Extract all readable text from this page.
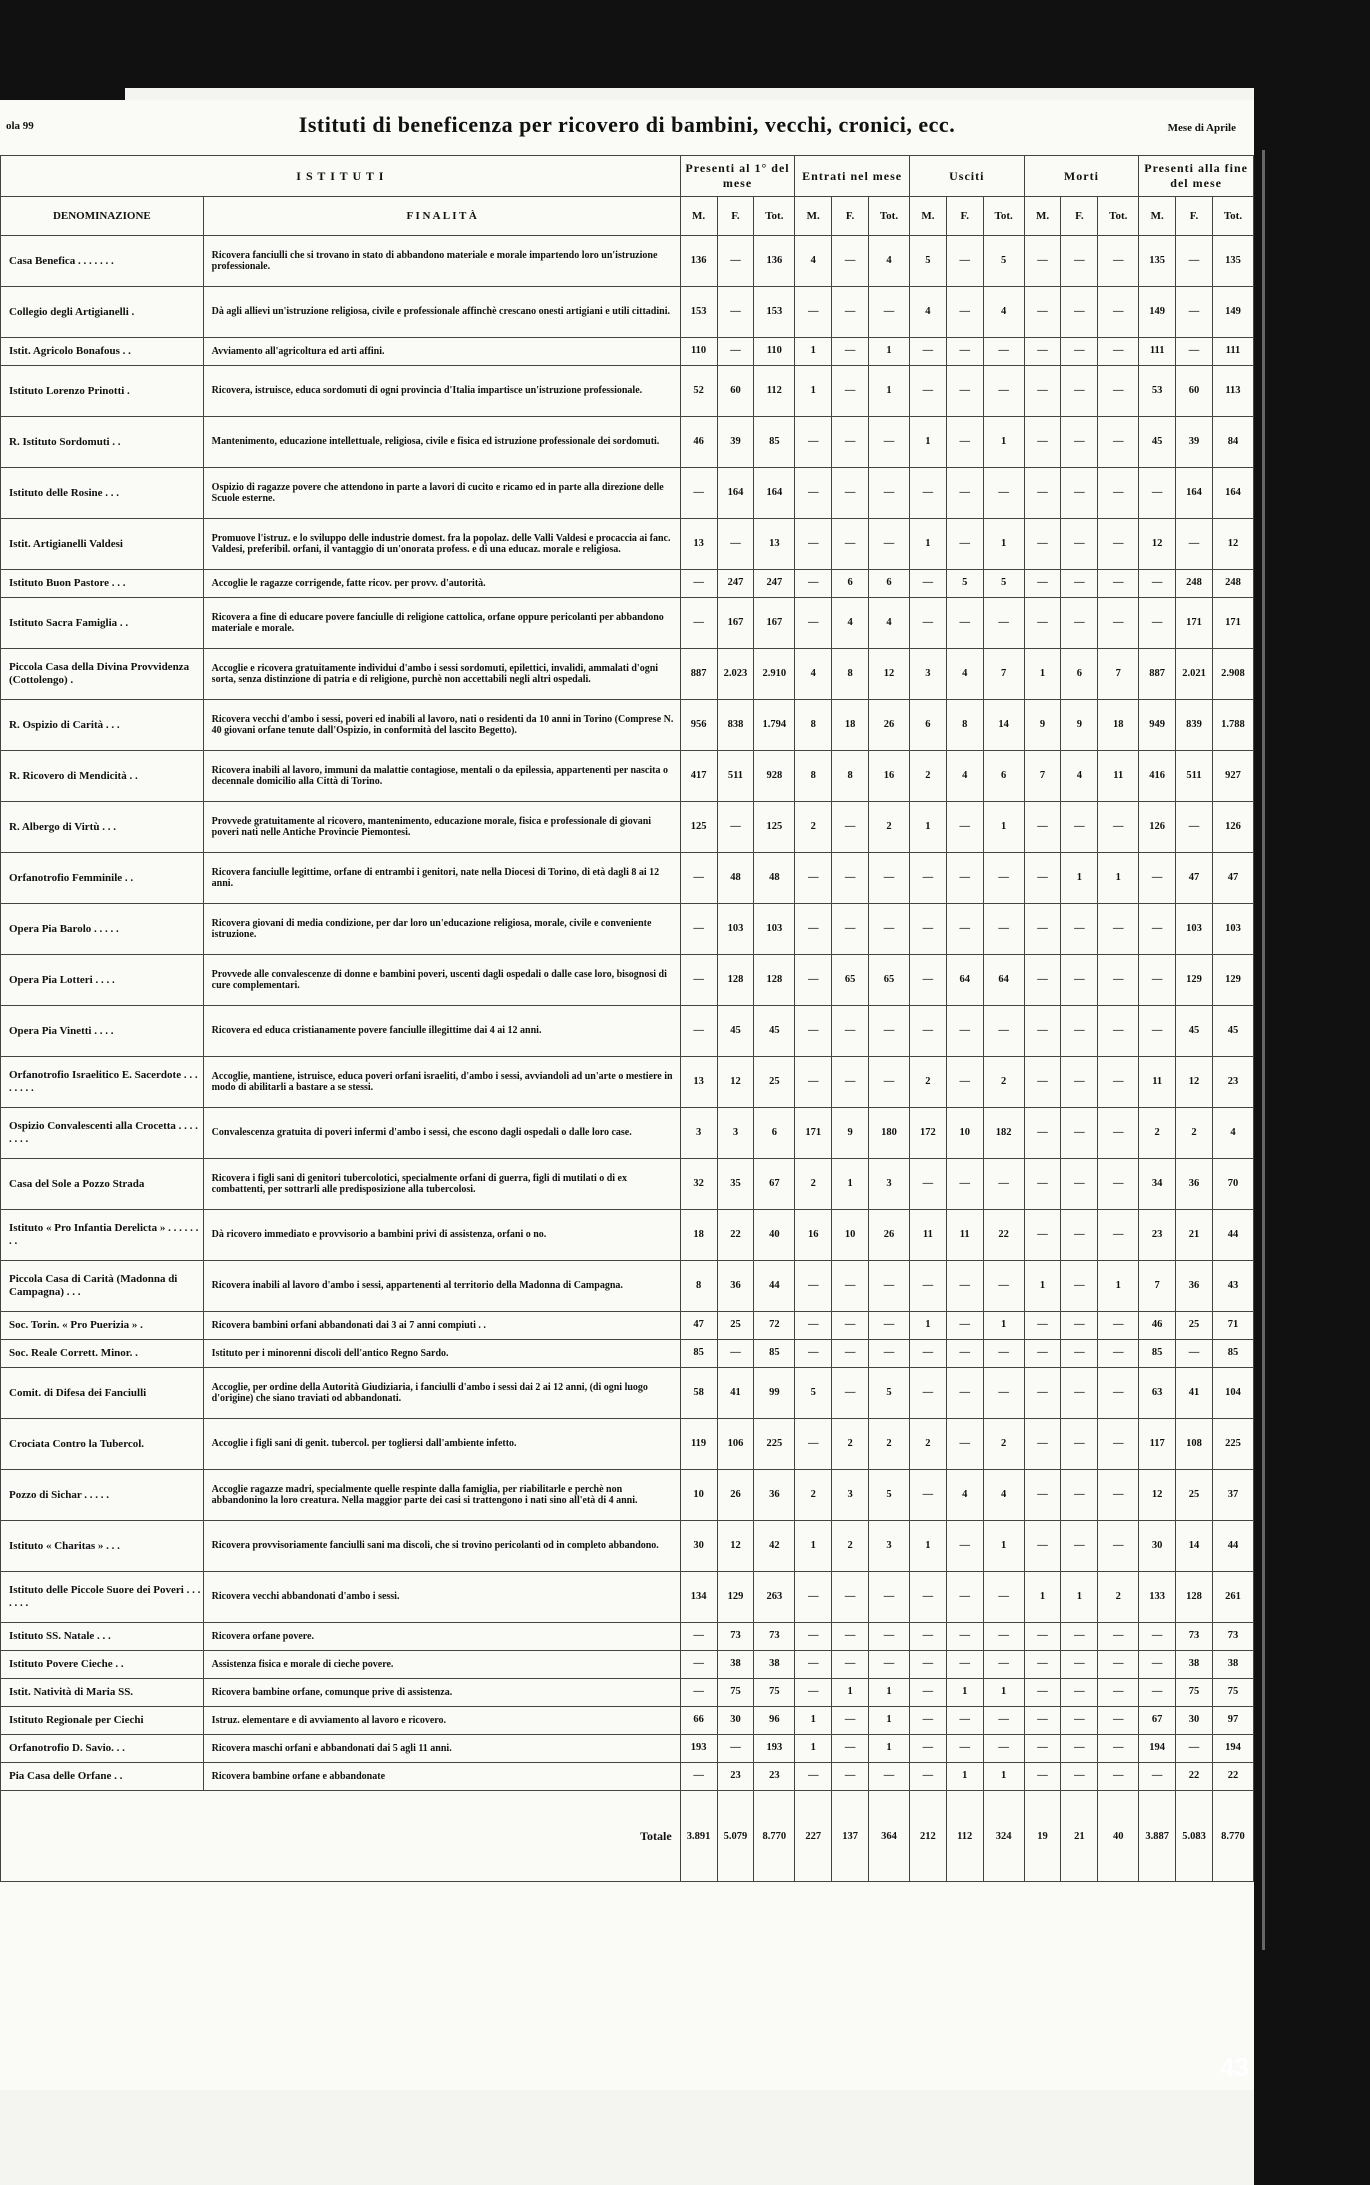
ola 99	Istituti di beneficenza per ricovero di bambini, vecchi, cronici, ecc.	Mese di Aprile
I S T I T U T I		Presenti al 1° del mese			Entrati nel mese			Usciti			Morti			Presenti alla fine del mese		
DENOMINAZIONE	F I N A L I T À	M.	F.	Tot.	M.	F.	Tot.	M.	F.	Tot.	M.	F.	Tot.	M.	F.	Tot.
Casa Benefica . . . . . . .	Ricovera fanciulli che si trovano in stato di abbandono materiale e morale impartendo loro un'istruzione professionale.	136	—	136	4	—	4	5	—	5	—	—	—	135	—	135
Collegio degli Artigianelli .	Dà agli allievi un'istruzione religiosa, civile e professionale affinchè crescano onesti artigiani e utili cittadini.	153	—	153	—	—	—	4	—	4	—	—	—	149	—	149
Istit. Agricolo Bonafous . .	Avviamento all'agricoltura ed arti affini.	110	—	110	1	—	1	—	—	—	—	—	—	111	—	111
Istituto Lorenzo Prinotti .	Ricovera, istruisce, educa sordomuti di ogni provincia d'Italia impartisce un'istruzione professionale.	52	60	112	1	—	1	—	—	—	—	—	—	53	60	113
R. Istituto Sordomuti . .	Mantenimento, educazione intellettuale, religiosa, civile e fisica ed istruzione professionale dei sordomuti.	46	39	85	—	—	—	1	—	1	—	—	—	45	39	84
Istituto delle Rosine . . .	Ospizio di ragazze povere che attendono in parte a lavori di cucito e ricamo ed in parte alla direzione delle Scuole esterne.	—	164	164	—	—	—	—	—	—	—	—	—	—	164	164
Istit. Artigianelli Valdesi	Promuove l'istruz. e lo sviluppo delle industrie domest. fra la popolaz. delle Valli Valdesi e procaccia ai fanc. Valdesi, preferibil. orfani, il vantaggio di un'onorata profess. e di una educaz. morale e religiosa.	13	—	13	—	—	—	1	—	1	—	—	—	12	—	12
Istituto Buon Pastore . . .	Accoglie le ragazze corrigende, fatte ricov. per provv. d'autorità.	—	247	247	—	6	6	—	5	5	—	—	—	—	248	248
Istituto Sacra Famiglia . .	Ricovera a fine di educare povere fanciulle di religione cattolica, orfane oppure pericolanti per abbandono materiale e morale.	—	167	167	—	4	4	—	—	—	—	—	—	—	171	171
Piccola Casa della Divina Provvidenza (Cottolengo) .	Accoglie e ricovera gratuitamente individui d'ambo i sessi sordomuti, epilettici, invalidi, ammalati d'ogni sorta, senza distinzione di patria e di religione, purchè non accettabili negli altri ospedali.	887	2.023	2.910	4	8	12	3	4	7	1	6	7	887	2.021	2.908
R. Ospizio di Carità . . .	Ricovera vecchi d'ambo i sessi, poveri ed inabili al lavoro, nati o residenti da 10 anni in Torino (Comprese N. 40 giovani orfane tenute dall'Ospizio, in conformità del lascito Begetto).	956	838	1.794	8	18	26	6	8	14	9	9	18	949	839	1.788
R. Ricovero di Mendicità . .	Ricovera inabili al lavoro, immuni da malattie contagiose, mentali o da epilessia, appartenenti per nascita o decennale domicilio alla Città di Torino.	417	511	928	8	8	16	2	4	6	7	4	11	416	511	927
R. Albergo di Virtù . . .	Provvede gratuitamente al ricovero, mantenimento, educazione morale, fisica e professionale di giovani poveri nati nelle Antiche Provincie Piemontesi.	125	—	125	2	—	2	1	—	1	—	—	—	126	—	126
Orfanotrofio Femminile . .	Ricovera fanciulle legittime, orfane di entrambi i genitori, nate nella Diocesi di Torino, di età dagli 8 ai 12 anni.	—	48	48	—	—	—	—	—	—	—	1	1	—	47	47
Opera Pia Barolo . . . . .	Ricovera giovani di media condizione, per dar loro un'educazione religiosa, morale, civile e conveniente istruzione.	—	103	103	—	—	—	—	—	—	—	—	—	—	103	103
Opera Pia Lotteri . . . .	Provvede alle convalescenze di donne e bambini poveri, uscenti dagli ospedali o dalle case loro, bisognosi di cure complementari.	—	128	128	—	65	65	—	64	64	—	—	—	—	129	129
Opera Pia Vinetti . . . .	Ricovera ed educa cristianamente povere fanciulle illegittime dai 4 ai 12 anni.	—	45	45	—	—	—	—	—	—	—	—	—	—	45	45
Orfanotrofio Israelitico E. Sacerdote . . . . . . . .	Accoglie, mantiene, istruisce, educa poveri orfani israeliti, d'ambo i sessi, avviandoli ad un'arte o mestiere in modo di abilitarli a bastare a se stessi.	13	12	25	—	—	—	2	—	2	—	—	—	11	12	23
Ospizio Convalescenti alla Crocetta . . . . . . . .	Convalescenza gratuita di poveri infermi d'ambo i sessi, che escono dagli ospedali o dalle loro case.	3	3	6	171	9	180	172	10	182	—	—	—	2	2	4
Casa del Sole a Pozzo Strada	Ricovera i figli sani di genitori tubercolotici, specialmente orfani di guerra, figli di mutilati o di ex combattenti, per sottrarli alle predisposizione alla tubercolosi.	32	35	67	2	1	3	—	—	—	—	—	—	34	36	70
Istituto « Pro Infantia Derelicta » . . . . . . . .	Dà ricovero immediato e provvisorio a bambini privi di assistenza, orfani o no.	18	22	40	16	10	26	11	11	22	—	—	—	23	21	44
Piccola Casa di Carità (Madonna di Campagna) . . .	Ricovera inabili al lavoro d'ambo i sessi, appartenenti al territorio della Madonna di Campagna.	8	36	44	—	—	—	—	—	—	1	—	1	7	36	43
Soc. Torin. « Pro Puerizia » .	Ricovera bambini orfani abbandonati dai 3 ai 7 anni compiuti . .	47	25	72	—	—	—	1	—	1	—	—	—	46	25	71
Soc. Reale Corrett. Minor. .	Istituto per i minorenni discoli dell'antico Regno Sardo.	85	—	85	—	—	—	—	—	—	—	—	—	85	—	85
Comit. di Difesa dei Fanciulli	Accoglie, per ordine della Autorità Giudiziaria, i fanciulli d'ambo i sessi dai 2 ai 12 anni, (di ogni luogo d'origine) che siano traviati od abbandonati.	58	41	99	5	—	5	—	—	—	—	—	—	63	41	104
Crociata Contro la Tubercol.	Accoglie i figli sani di genit. tubercol. per togliersi dall'ambiente infetto.	119	106	225	—	2	2	2	—	2	—	—	—	117	108	225
Pozzo di Sichar . . . . .	Accoglie ragazze madri, specialmente quelle respinte dalla famiglia, per riabilitarle e perchè non abbandonino la loro creatura. Nella maggior parte dei casi si trattengono i nati sino all'età di 4 anni.	10	26	36	2	3	5	—	4	4	—	—	—	12	25	37
Istituto « Charitas » . . .	Ricovera provvisoriamente fanciulli sani ma discoli, che si trovino pericolanti od in completo abbandono.	30	12	42	1	2	3	1	—	1	—	—	—	30	14	44
Istituto delle Piccole Suore dei Poveri . . . . . . .	Ricovera vecchi abbandonati d'ambo i sessi.	134	129	263	—	—	—	—	—	—	1	1	2	133	128	261
Istituto SS. Natale . . .	Ricovera orfane povere.	—	73	73	—	—	—	—	—	—	—	—	—	—	73	73
Istituto Povere Cieche . .	Assistenza fisica e morale di cieche povere.	—	38	38	—	—	—	—	—	—	—	—	—	—	38	38
Istit. Natività di Maria SS.	Ricovera bambine orfane, comunque prive di assistenza.	—	75	75	—	1	1	—	1	1	—	—	—	—	75	75
Istituto Regionale per Ciechi	Istruz. elementare e di avviamento al lavoro e ricovero.	66	30	96	1	—	1	—	—	—	—	—	—	67	30	97
Orfanotrofio D. Savio. . .	Ricovera maschi orfani e abbandonati dai 5 agli 11 anni.	193	—	193	1	—	1	—	—	—	—	—	—	194	—	194
Pia Casa delle Orfane . .	Ricovera bambine orfane e abbandonate	—	23	23	—	—	—	—	1	1	—	—	—	—	22	22
Totale		3.891	5.079	8.770	227	137	364	212	112	324	19	21	40	3.887	5.083	8.770
43
